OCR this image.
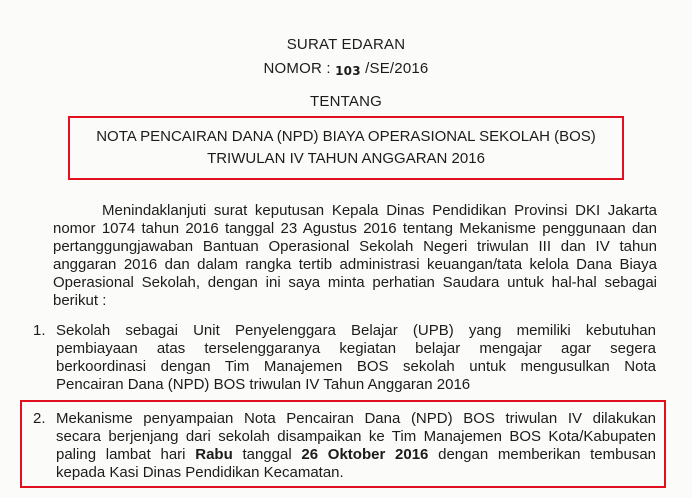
SURAT EDARAN
NOMOR : 103 /SE/2016
TENTANG
NOTA PENCAIRAN DANA (NPD) BIAYA OPERASIONAL SEKOLAH (BOS)
TRIWULAN IV TAHUN ANGGARAN 2016
Menindaklanjuti surat keputusan Kepala Dinas Pendidikan Provinsi DKI Jakarta
nomor 1074 tahun 2016 tanggal 23 Agustus 2016 tentang Mekanisme penggunaan dan
pertanggungjawaban Bantuan Operasional Sekolah Negeri triwulan III dan IV tahun
anggaran 2016 dan dalam rangka tertib administrasi keuangan/tata kelola Dana Biaya
Operasional Sekolah, dengan ini saya minta perhatian Saudara untuk hal-hal sebagai
berikut :
1. Sekolah sebagai Unit Penyelenggara Belajar (UPB) yang memiliki kebutuhan
pembiayaan atas terselenggaranya kegiatan belajar mengajar agar segera
berkoordinasi dengan Tim Manajemen BOS sekolah untuk mengusulkan Nota
Pencairan Dana (NPD) BOS triwulan IV Tahun Anggaran 2016
2. Mekanisme penyampaian Nota Pencairan Dana (NPD) BOS triwulan IV dilakukan
secara berjenjang dari sekolah disampaikan ke Tim Manajemen BOS Kota/Kabupaten
paling lambat hari Rabu tanggal 26 Oktober 2016 dengan memberikan tembusan
kepada Kasi Dinas Pendidikan Kecamatan.
